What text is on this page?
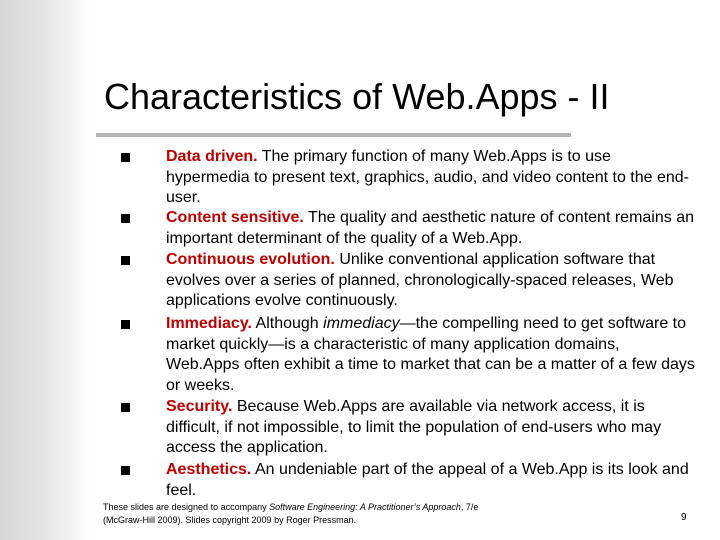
Characteristics of Web.Apps - II
Data driven. The primary function of many Web.Apps is to use hypermedia to present text, graphics, audio, and video content to the end-user.
Content sensitive. The quality and aesthetic nature of content remains an important determinant of the quality of a Web.App.
Continuous evolution. Unlike conventional application software that evolves over a series of planned, chronologically-spaced releases, Web applications evolve continuously.
Immediacy. Although immediacy—the compelling need to get software to market quickly—is a characteristic of many application domains, Web.Apps often exhibit a time to market that can be a matter of a few days or weeks.
Security. Because Web.Apps are available via network access, it is difficult, if not impossible, to limit the population of end-users who may access the application.
Aesthetics. An undeniable part of the appeal of a Web.App is its look and feel.
These slides are designed to accompany Software Engineering: A Practitioner’s Approach, 7/e
(McGraw-Hill 2009). Slides copyright 2009 by Roger Pressman.	9
